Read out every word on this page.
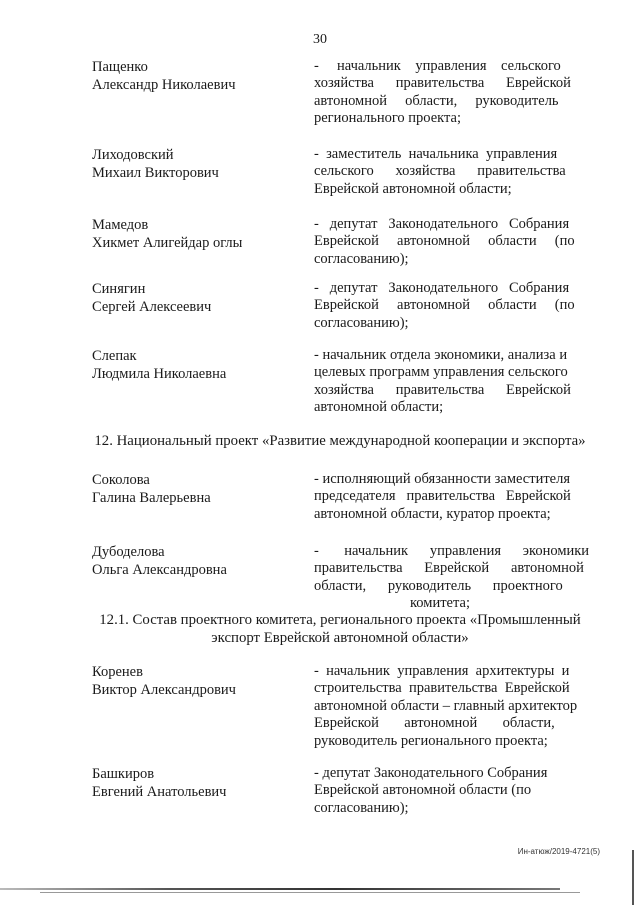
30
Пащенко
Александр Николаевич
-     начальник    управления    сельского
хозяйства      правительства      Еврейской
автономной     области,     руководитель
регионального проекта;
Лиходовский
Михаил Викторович
-  заместитель  начальника  управления
сельского      хозяйства      правительства
Еврейской автономной области;
Мамедов
Хикмет Алигейдар оглы
-   депутат   Законодательного   Собрания
Еврейской     автономной     области     (по
согласованию);
Синягин
Сергей Алексеевич
-   депутат   Законодательного   Собрания
Еврейской     автономной     области     (по
согласованию);
Слепак
Людмила Николаевна
- начальник отдела экономики, анализа и
целевых программ управления сельского
хозяйства      правительства      Еврейской
автономной области;
12. Национальный проект «Развитие международной кооперации и экспорта»
Соколова
Галина Валерьевна
- исполняющий обязанности заместителя
председателя   правительства   Еврейской
автономной области, куратор проекта;
Дубоделова
Ольга Александровна
-       начальник      управления      экономики
правительства      Еврейской      автономной
области,      руководитель      проектного
комитета;
12.1. Состав проектного комитета, регионального проекта «Промышленный
экспорт Еврейской автономной области»
Коренев
Виктор Александрович
-  начальник  управления  архитектуры  и
строительства  правительства  Еврейской
автономной области – главный архитектор
Еврейской       автономной       области,
руководитель регионального проекта;
Башкиров
Евгений Анатольевич
- депутат Законодательного Собрания
Еврейской автономной области (по
согласованию);
Ин-атюж/2019-4721(5)
